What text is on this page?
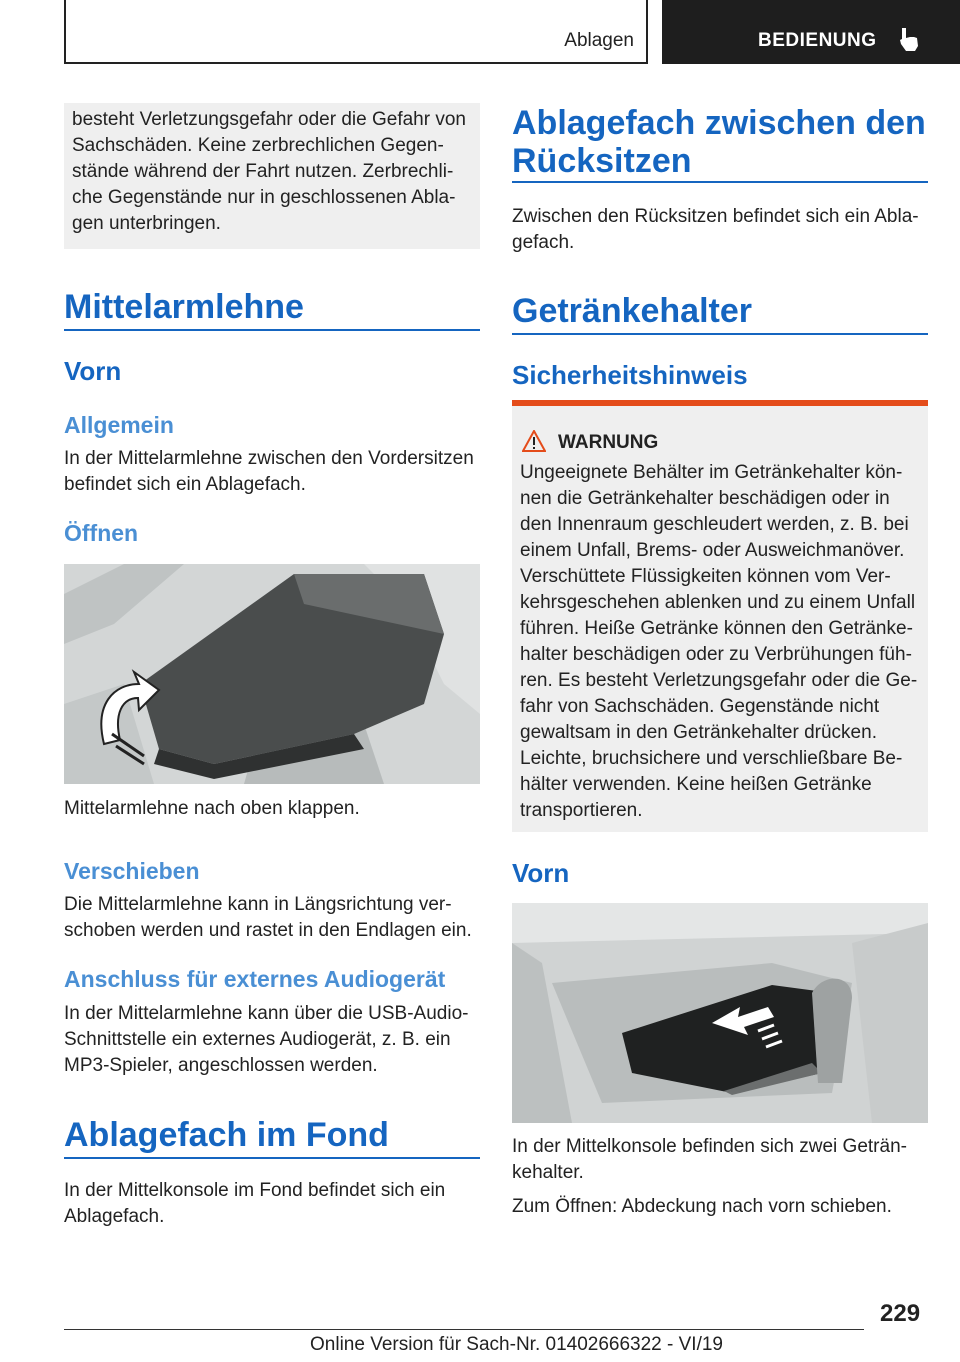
Ablagen	BEDIENUNG

besteht Verletzungsgefahr oder die Gefahr von Sachschäden. Keine zerbrechlichen Gegenstände während der Fahrt nutzen. Zerbrechliche Gegenstände nur in geschlossenen Ablagen unterbringen.

Mittelarmlehne
Vorn
Allgemein

In der Mittelarmlehne zwischen den Vordersitzen befindet sich ein Ablagefach.

Öffnen

Mittelarmlehne nach oben klappen.

Verschieben

Die Mittelarmlehne kann in Längsrichtung verschoben werden und rastet in den Endlagen ein.

Anschluss für externes Audiogerät

In der Mittelarmlehne kann über die USB-Audio-Schnittstelle ein externes Audiogerät, z. B. ein MP3-Spieler, angeschlossen werden.

Ablagefach im Fond

In der Mittelkonsole im Fond befindet sich ein Ablagefach.

Ablagefach zwischen den Rücksitzen

Zwischen den Rücksitzen befindet sich ein Ablagefach.

Getränkehalter
Sicherheitshinweis
WARNUNG

Ungeeignete Behälter im Getränkehalter können die Getränkehalter beschädigen oder in den Innenraum geschleudert werden, z. B. bei einem Unfall, Brems- oder Ausweichmanöver. Verschüttete Flüssigkeiten können vom Verkehrsgeschehen ablenken und zu einem Unfall führen. Heiße Getränke können den Getränkehalter beschädigen oder zu Verbrühungen führen. Es besteht Verletzungsgefahr oder die Gefahr von Sachschäden. Gegenstände nicht gewaltsam in den Getränkehalter drücken. Leichte, bruchsichere und verschließbare Behälter verwenden. Keine heißen Getränke transportieren.

Vorn

In der Mittelkonsole befinden sich zwei Getränkehalter.

Zum Öffnen: Abdeckung nach vorn schieben.

229
Online Version für Sach-Nr. 01402666322 - VI/19
